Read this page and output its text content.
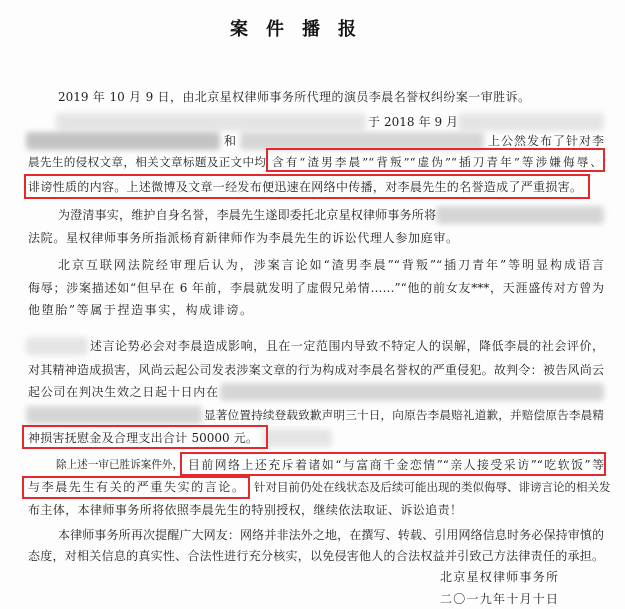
案 件 播 报
2019 年 10 月 9 日，由北京星权律师事务所代理的演员李晨名誉权纠纷案一审胜诉。
于 2018 年 9 月
和	上公然发布了针对李
晨先生的侵权文章，相关文章标题及正文中均 含有“渣男李晨”“背叛”“虚伪”“插刀青年”等涉嫌侮辱、
诽谤性质的内容。上述微博及文章一经发布便迅速在网络中传播，对李晨先生的名誉造成了严重损害。
为澄清事实，维护自身名誉，李晨先生遂即委托北京星权律师事务所将
法院。星权律师事务所指派杨育新律师作为李晨先生的诉讼代理人参加庭审。
北京互联网法院经审理后认为，涉案言论如“渣男李晨”“背叛”“插刀青年”等明显构成语言
侮辱；涉案描述如“但早在 6 年前，李晨就发明了虚假兄弟情……”“他的前女友***，天涯盛传对方曾为
他堕胎”等属于捏造事实，构成诽谤。
述言论势必会对李晨造成影响，且在一定范围内导致不特定人的误解，降低李晨的社会评价，
对其精神造成损害，风尚云起公司发表涉案文章的行为构成对李晨名誉权的严重侵犯。故判令：被告风尚云
起公司在判决生效之日起十日内在
显著位置持续登载致歉声明三十日，向原告李晨赔礼道歉，并赔偿原告李晨精
神损害抚慰金及合理支出合计 50000 元。
除上述一审已胜诉案件外， 目前网络上还充斥着诸如“与富商千金恋情”“亲人接受采访”“吃软饭”等
与李晨先生有关的严重失实的言论。 针对目前仍处在线状态及后续可能出现的类似侮辱、诽谤言论的相关发
布主体，本律师事务所将依照李晨先生的特别授权，继续依法取证、诉讼追责！
本律师事务所再次提醒广大网友：网络并非法外之地，在撰写、转载、引用网络信息时务必保持审慎的
态度，对相关信息的真实性、合法性进行充分核实，以免侵害他人的合法权益并引致己方法律责任的承担。
北京星权律师事务所
二〇一九年十月十日
